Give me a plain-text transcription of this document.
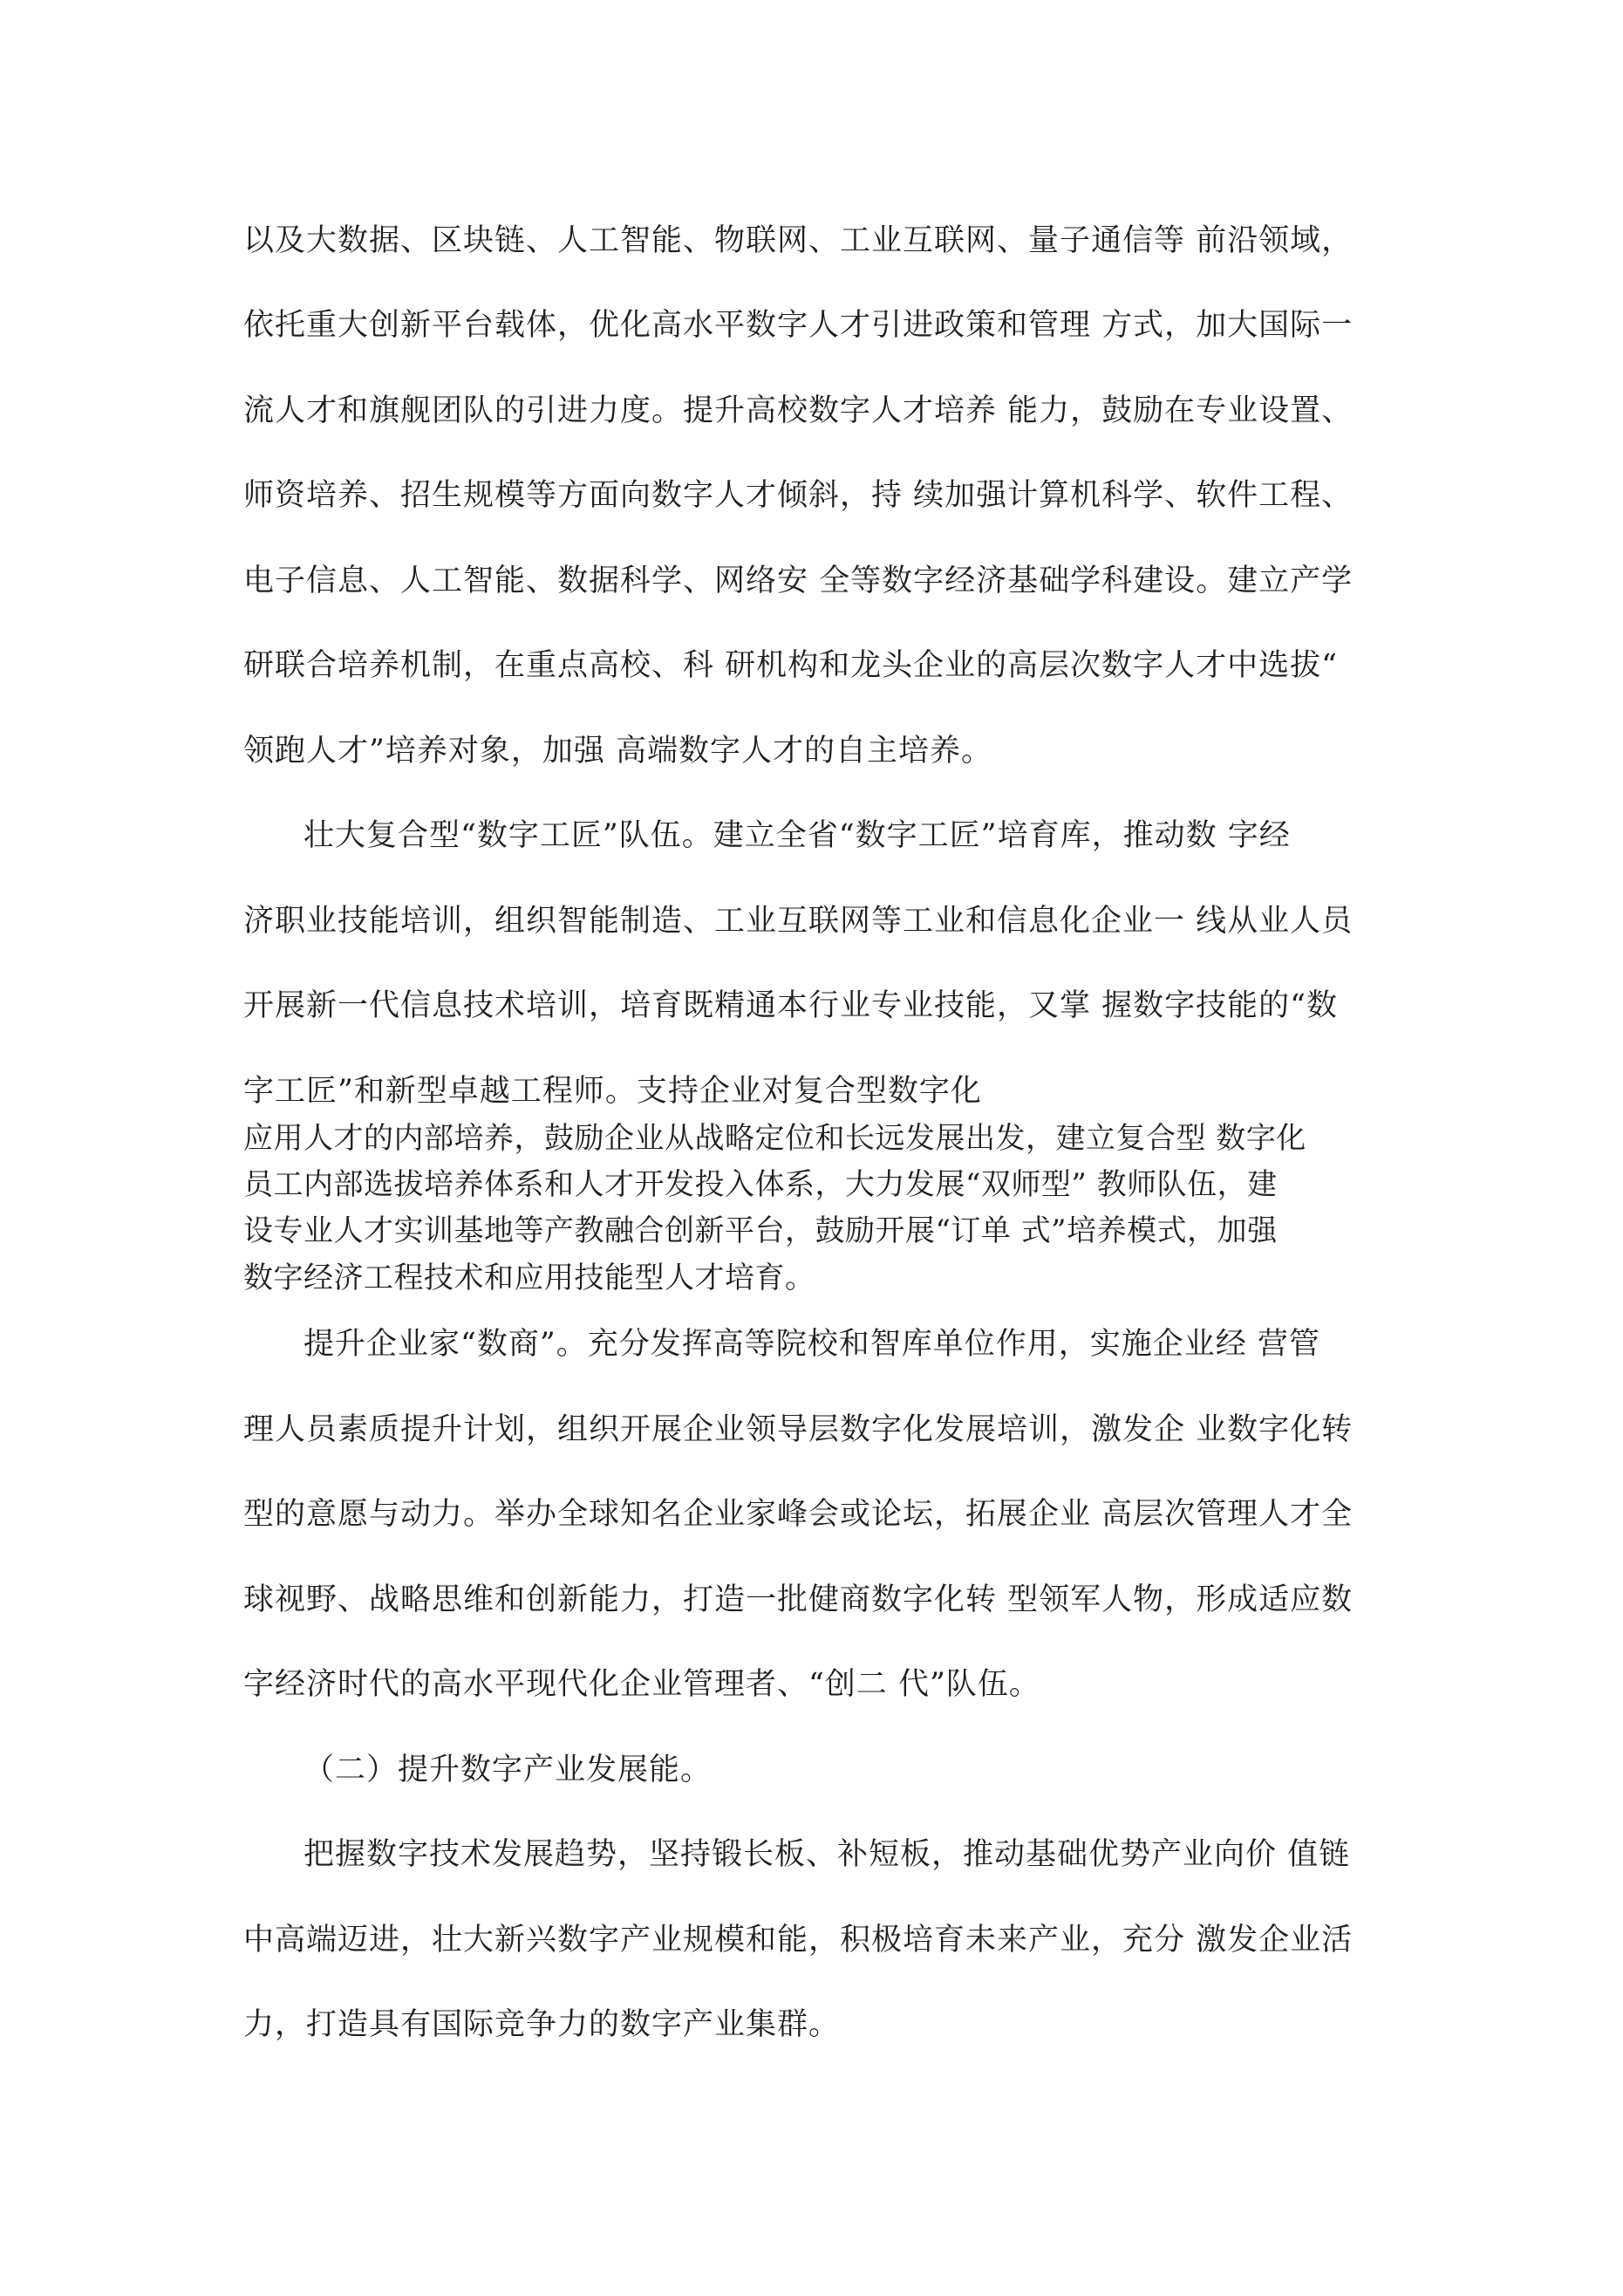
以及大数据、区块链、人工智能、物联网、工业互联网、量子通信等 前沿领域，
依托重大创新平台载体，优化高水平数字人才引进政策和管理 方式，加大国际一
流人才和旗舰团队的引进力度。提升高校数字人才培养 能力，鼓励在专业设置、
师资培养、招生规模等方面向数字人才倾斜，持 续加强计算机科学、软件工程、
电子信息、人工智能、数据科学、网络安 全等数字经济基础学科建设。建立产学
研联合培养机制，在重点高校、科 研机构和龙头企业的高层次数字人才中选拔“
领跑人才”培养对象，加强 高端数字人才的自主培养。
壮大复合型“数字工匠”队伍。建立全省“数字工匠”培育库，推动数 字经
济职业技能培训，组织智能制造、工业互联网等工业和信息化企业一 线从业人员
开展新一代信息技术培训，培育既精通本行业专业技能，又掌 握数字技能的“数
字工匠”和新型卓越工程师。支持企业对复合型数字化
应用人才的内部培养，鼓励企业从战略定位和长远发展出发，建立复合型 数字化
员工内部选拔培养体系和人才开发投入体系，大力发展“双师型” 教师队伍，建
设专业人才实训基地等产教融合创新平台，鼓励开展“订单 式”培养模式，加强
数字经济工程技术和应用技能型人才培育。
提升企业家“数商”。充分发挥高等院校和智库单位作用，实施企业经 营管
理人员素质提升计划，组织开展企业领导层数字化发展培训，激发企 业数字化转
型的意愿与动力。举办全球知名企业家峰会或论坛，拓展企业 高层次管理人才全
球视野、战略思维和创新能力，打造一批健商数字化转 型领军人物，形成适应数
字经济时代的高水平现代化企业管理者、“创二 代”队伍。
（二）提升数字产业发展能。
把握数字技术发展趋势，坚持锻长板、补短板，推动基础优势产业向价 值链
中高端迈进，壮大新兴数字产业规模和能，积极培育未来产业，充分 激发企业活
力，打造具有国际竞争力的数字产业集群。
